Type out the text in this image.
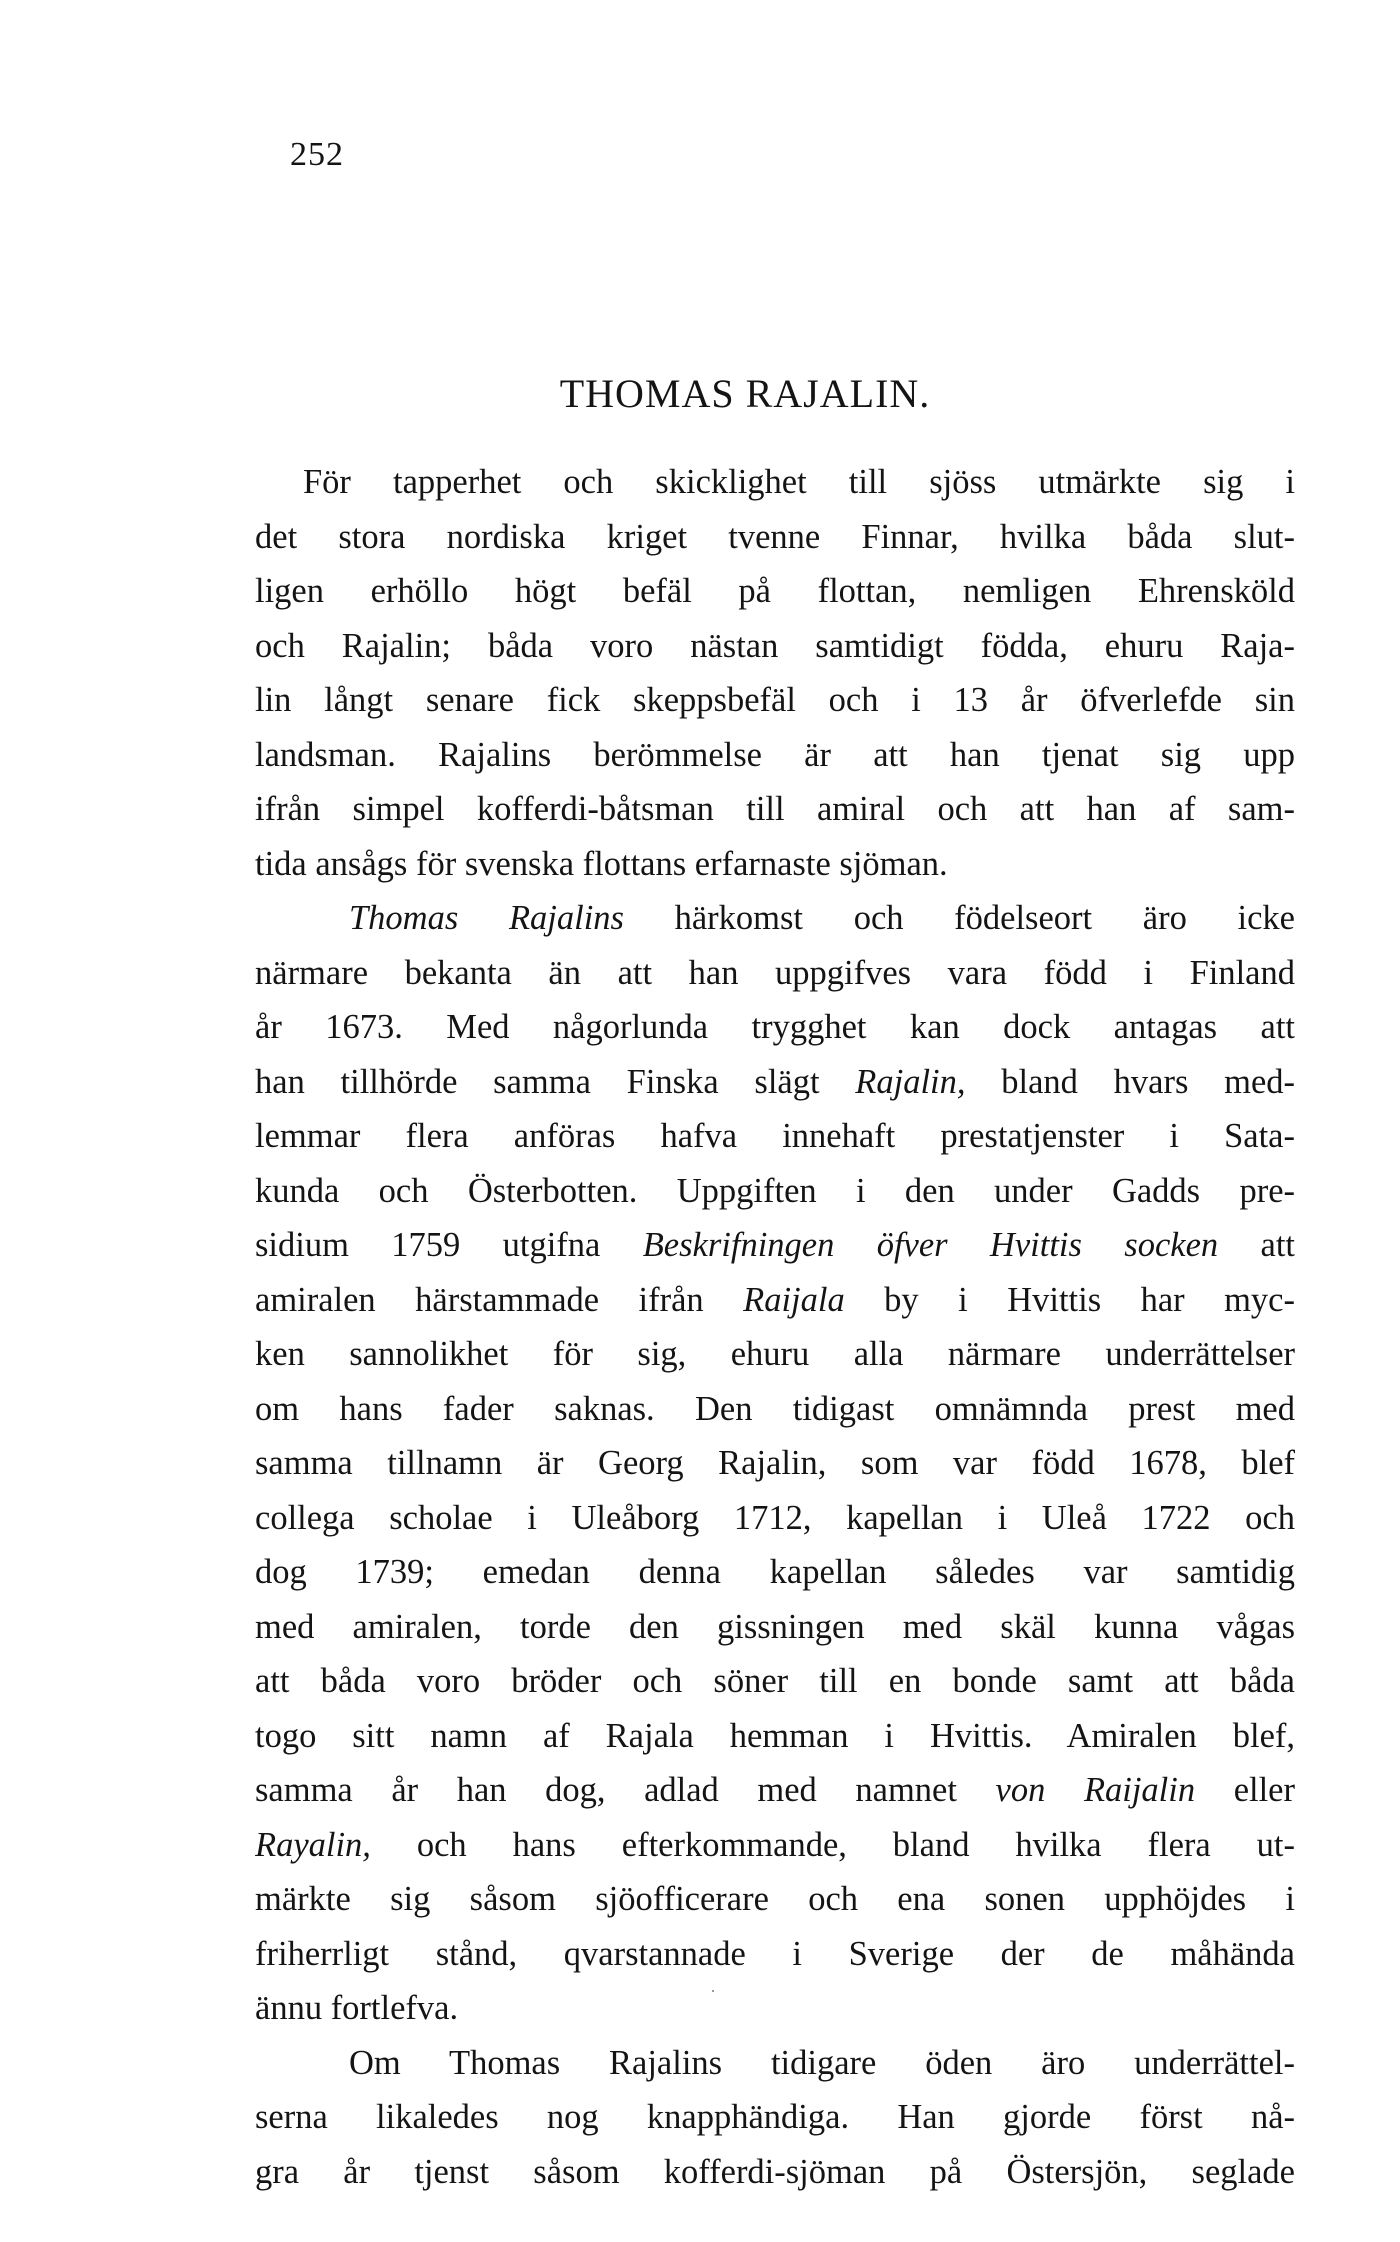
252
THOMAS RAJALIN.
För tapperhet och skicklighet till sjöss utmärkte sig i
det stora nordiska kriget tvenne Finnar, hvilka båda slut-
ligen erhöllo högt befäl på flottan, nemligen Ehrensköld
och Rajalin; båda voro nästan samtidigt födda, ehuru Raja-
lin långt senare fick skeppsbefäl och i 13 år öfverlefde sin
landsman. Rajalins berömmelse är att han tjenat sig upp
ifrån simpel kofferdi-båtsman till amiral och att han af sam-
tida ansågs för svenska flottans erfarnaste sjöman.
Thomas Rajalins härkomst och födelseort äro icke
närmare bekanta än att han uppgifves vara född i Finland
år 1673. Med någorlunda trygghet kan dock antagas att
han tillhörde samma Finska slägt Rajalin, bland hvars med-
lemmar flera anföras hafva innehaft prestatjenster i Sata-
kunda och Österbotten. Uppgiften i den under Gadds pre-
sidium 1759 utgifna Beskrifningen öfver Hvittis socken att
amiralen härstammade ifrån Raijala by i Hvittis har myc-
ken sannolikhet för sig, ehuru alla närmare underrättelser
om hans fader saknas. Den tidigast omnämnda prest med
samma tillnamn är Georg Rajalin, som var född 1678, blef
collega scholae i Uleåborg 1712, kapellan i Uleå 1722 och
dog 1739; emedan denna kapellan således var samtidig
med amiralen, torde den gissningen med skäl kunna vågas
att båda voro bröder och söner till en bonde samt att båda
togo sitt namn af Rajala hemman i Hvittis. Amiralen blef,
samma år han dog, adlad med namnet von Raijalin eller
Rayalin, och hans efterkommande, bland hvilka flera ut-
märkte sig såsom sjöofficerare och ena sonen upphöjdes i
friherrligt stånd, qvarstannade i Sverige der de måhända
ännu fortlefva.
Om Thomas Rajalins tidigare öden äro underrättel-
serna likaledes nog knapphändiga. Han gjorde först nå-
gra år tjenst såsom kofferdi-sjöman på Östersjön, seglade
